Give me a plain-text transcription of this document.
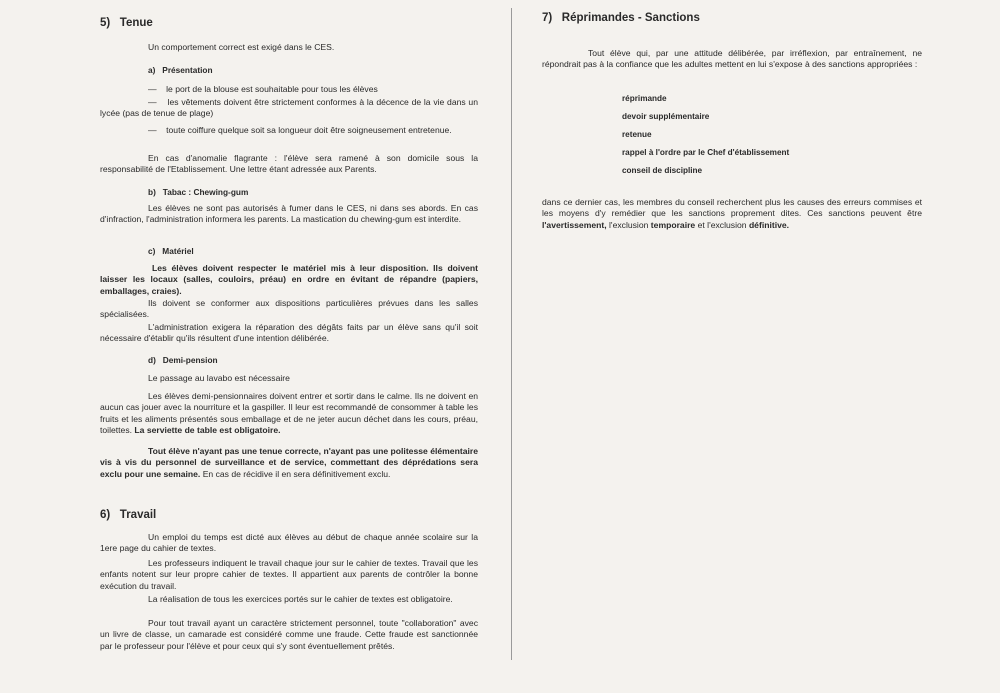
5)   Tenue

Un comportement correct est exigé dans le CES.

a)   Présentation

—    le port de la blouse est souhaitable pour tous les élèves

—    les vêtements doivent être strictement conformes à la décence de la vie dans un lycée (pas de tenue de plage)

—    toute coiffure quelque soit sa longueur doit être soigneusement entretenue.

En cas d'anomalie flagrante : l'élève sera ramené à son domicile sous la responsabilité de l'Etablissement. Une lettre étant adressée aux Parents.

b)   Tabac : Chewing-gum

Les élèves ne sont pas autorisés à fumer dans le CES, ni dans ses abords. En cas d'infraction, l'administration informera les parents. La mastication du chewing-gum est interdite.

c)   Matériel

Les élèves doivent respecter le matériel mis à leur disposition. Ils doivent laisser les locaux (salles, couloirs, préau) en ordre en évitant de répandre (papiers, emballages, craies).

Ils doivent se conformer aux dispositions particulières prévues dans les salles spécialisées.

L'administration exigera la réparation des dégâts faits par un élève sans qu'il soit nécessaire d'établir qu'ils résultent d'une intention délibérée.

d)   Demi-pension

Le passage au lavabo est nécessaire

Les élèves demi-pensionnaires doivent entrer et sortir dans le calme. Ils ne doivent en aucun cas jouer avec la nourriture et la gaspiller. Il leur est recommandé de consommer à table les fruits et les aliments présentés sous emballage et de ne jeter aucun déchet dans les cours, préau, toilettes. La serviette de table est obligatoire.

Tout élève n'ayant pas une tenue correcte, n'ayant pas une politesse élémentaire vis à vis du personnel de surveillance et de service, commettant des déprédations sera exclu pour une semaine. En cas de récidive il en sera définitivement exclu.

6)   Travail

Un emploi du temps est dicté aux élèves au début de chaque année scolaire sur la 1ere page du cahier de textes.

Les professeurs indiquent le travail chaque jour sur le cahier de textes. Travail que les enfants notent sur leur propre cahier de textes. Il appartient aux parents de contrôler la bonne exécution du travail.

La réalisation de tous les exercices portés sur le cahier de textes est obligatoire.

Pour tout travail ayant un caractère strictement personnel, toute "collaboration" avec un livre de classe, un camarade est considéré comme une fraude. Cette fraude est sanctionnée par le professeur pour l'élève et pour ceux qui s'y sont éventuellement prêtés.

7)   Réprimandes - Sanctions

Tout élève qui, par une attitude délibérée, par irréflexion, par entraînement, ne répondrait pas à la confiance que les adultes mettent en lui s'expose à des sanctions appropriées :

réprimande
devoir supplémentaire
retenue
rappel à l'ordre par le Chef d'établissement
conseil de discipline

dans ce dernier cas, les membres du conseil recherchent plus les causes des erreurs commises et les moyens d'y remédier que les sanctions proprement dites. Ces sanctions peuvent être l'avertissement, l'exclusion temporaire et l'exclusion définitive.
